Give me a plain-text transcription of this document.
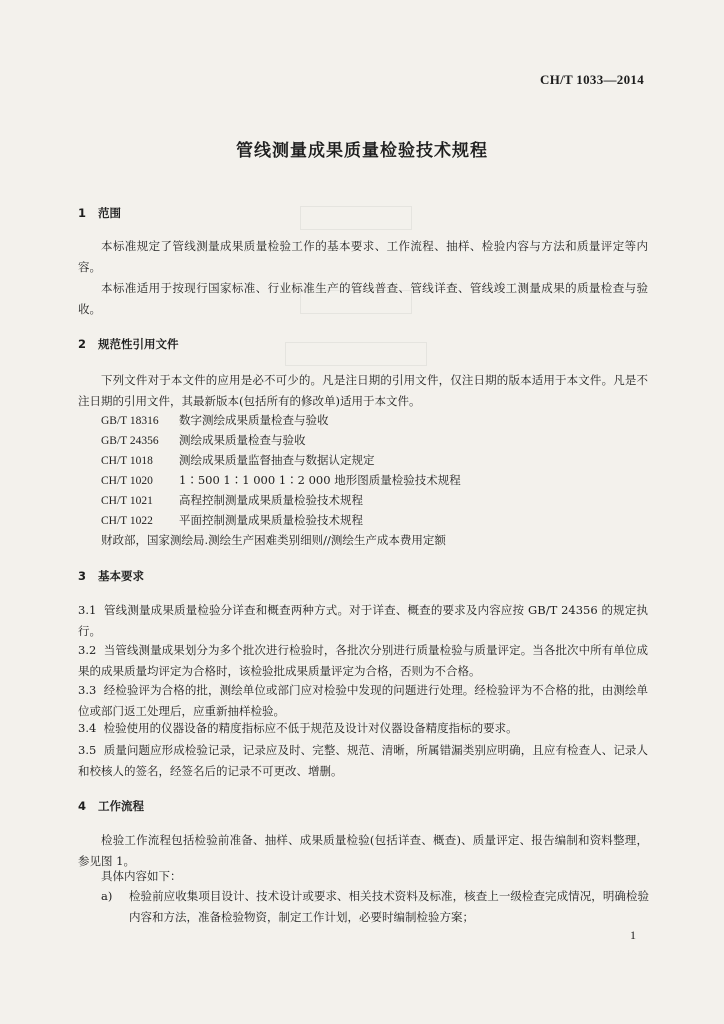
CH/T 1033—2014
管线测量成果质量检验技术规程
1 范围
本标准规定了管线测量成果质量检验工作的基本要求、工作流程、抽样、检验内容与方法和质量评定等内容。
本标准适用于按现行国家标准、行业标准生产的管线普查、管线详查、管线竣工测量成果的质量检查与验收。
2 规范性引用文件
下列文件对于本文件的应用是必不可少的。凡是注日期的引用文件，仅注日期的版本适用于本文件。凡是不注日期的引用文件，其最新版本(包括所有的修改单)适用于本文件。
GB/T 18316 数字测绘成果质量检查与验收
GB/T 24356 测绘成果质量检查与验收
CH/T 1018 测绘成果质量监督抽查与数据认定规定
CH/T 1020 1∶500 1∶1 000 1∶2 000 地形图质量检验技术规程
CH/T 1021 高程控制测量成果质量检验技术规程
CH/T 1022 平面控制测量成果质量检验技术规程
财政部，国家测绘局.测绘生产困难类别细则//测绘生产成本费用定额
3 基本要求
3.1 管线测量成果质量检验分详查和概查两种方式。对于详查、概查的要求及内容应按 GB/T 24356 的规定执行。
3.2 当管线测量成果划分为多个批次进行检验时，各批次分别进行质量检验与质量评定。当各批次中所有单位成果的成果质量均评定为合格时，该检验批成果质量评定为合格，否则为不合格。
3.3 经检验评为合格的批，测绘单位或部门应对检验中发现的问题进行处理。经检验评为不合格的批，由测绘单位或部门返工处理后，应重新抽样检验。
3.4 检验使用的仪器设备的精度指标应不低于规范及设计对仪器设备精度指标的要求。
3.5 质量问题应形成检验记录，记录应及时、完整、规范、清晰，所属错漏类别应明确，且应有检查人、记录人和校核人的签名，经签名后的记录不可更改、增删。
4 工作流程
检验工作流程包括检验前准备、抽样、成果质量检验(包括详查、概查)、质量评定、报告编制和资料整理，参见图 1。
具体内容如下：
a) 检验前应收集项目设计、技术设计或要求、相关技术资料及标准，核查上一级检查完成情况，明确检验内容和方法，准备检验物资，制定工作计划，必要时编制检验方案；
1
